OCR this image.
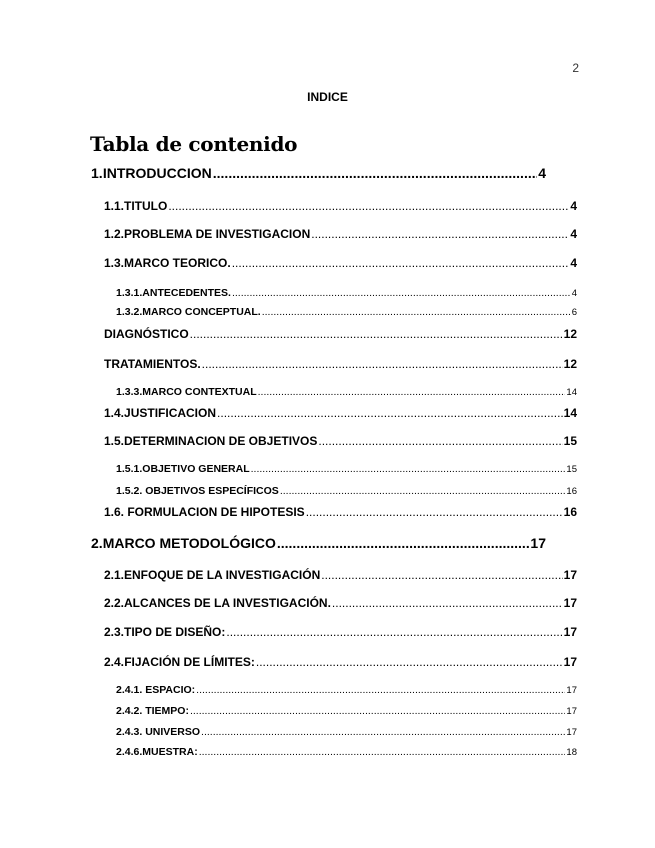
2
INDICE
Tabla de contenido
1. INTRODUCCION .....	4
1.1. TITULO .....	4
1.2. PROBLEMA DE INVESTIGACION .....	4
1.3. MARCO TEORICO. .....	4
1.3.1. ANTECEDENTES. .....	4
1.3.2. MARCO CONCEPTUAL. .....	6
DIAGNÓSTICO .....	12
TRATAMIENTOS. .....	12
1.3.3. MARCO CONTEXTUAL .....	14
1.4. JUSTIFICACION .....	14
1.5. DETERMINACION DE OBJETIVOS .....	15
1.5.1. OBJETIVO GENERAL .....	15
1.5.2. OBJETIVOS ESPECÍFICOS .....	16
1.6. FORMULACION DE HIPOTESIS .....	16
2. MARCO METODOLÓGICO .....	17
2.1. ENFOQUE DE LA INVESTIGACIÓN .....	17
2.2. ALCANCES DE LA INVESTIGACIÓN. .....	17
2.3. TIPO DE DISEÑO: .....	17
2.4. FIJACIÓN DE LÍMITES: .....	17
2.4.1. ESPACIO: .....	17
2.4.2. TIEMPO: .....	17
2.4.3. UNIVERSO .....	17
2.4.6. MUESTRA: .....	18
